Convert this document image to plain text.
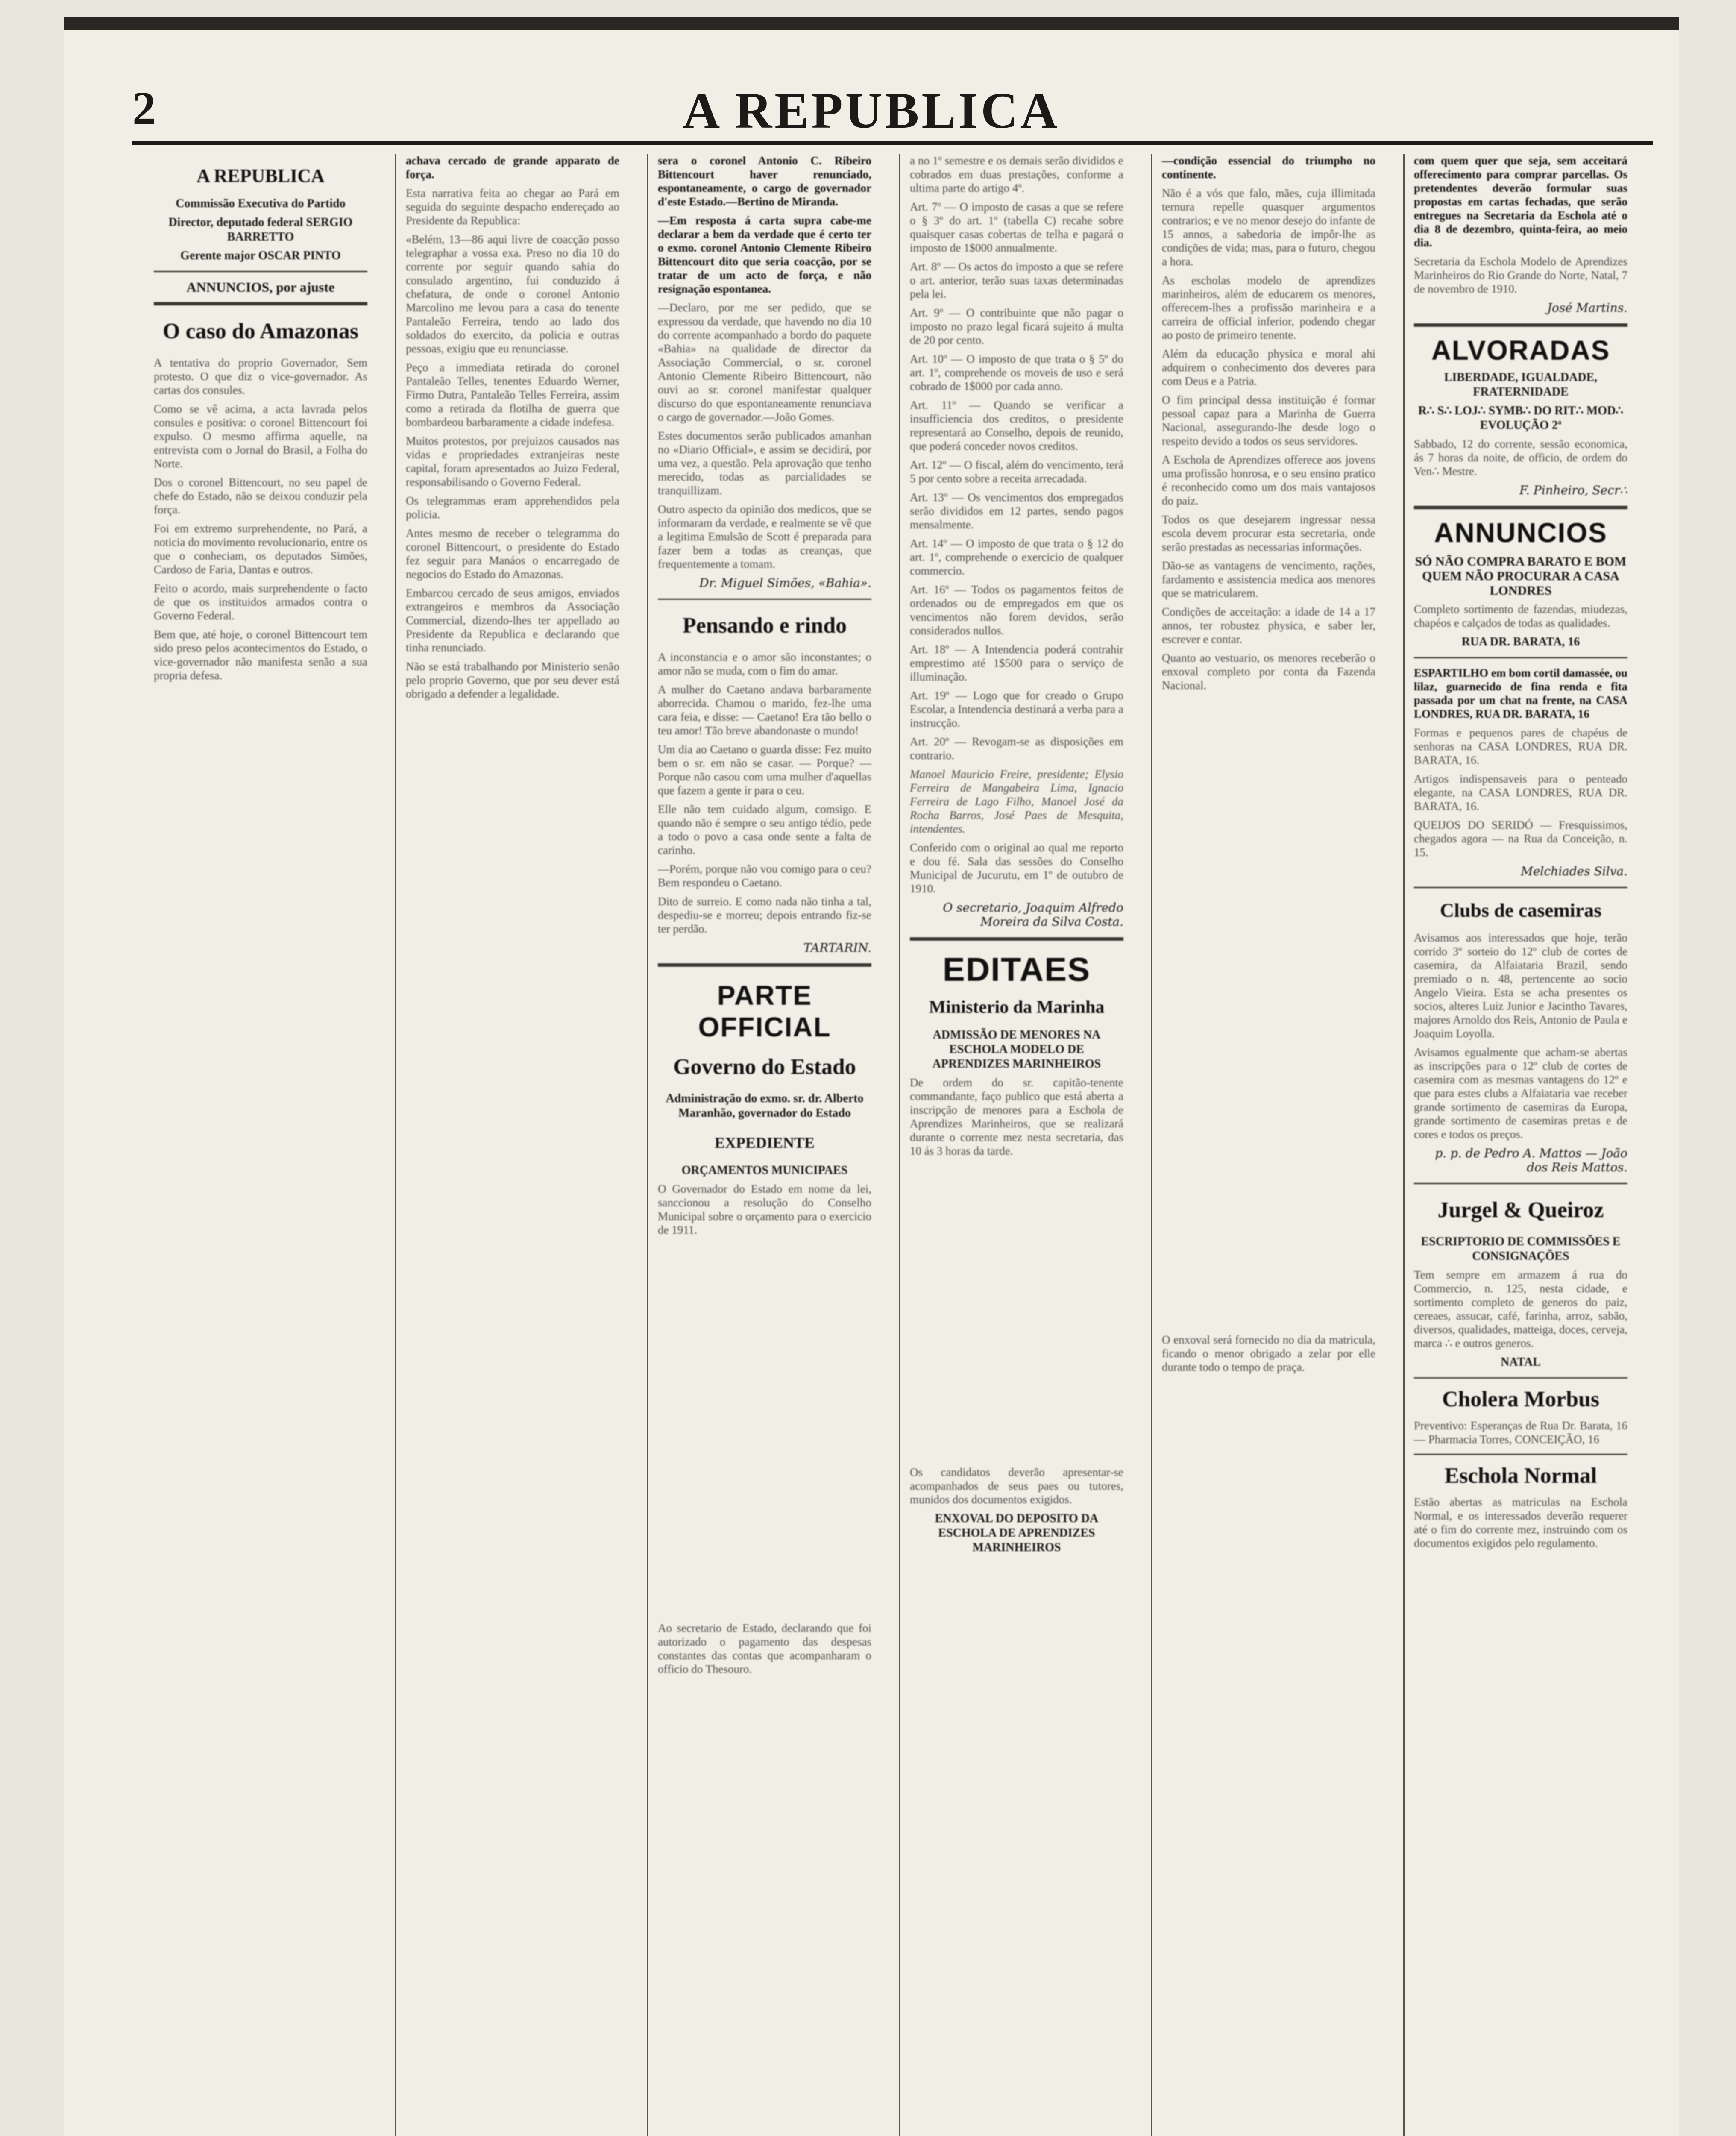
2	A REPUBLICA
A REPUBLICA
Commissão Executiva do Partido
Director, deputado federal SERGIO BARRETTO
Gerente major OSCAR PINTO
ANNUNCIOS, por ajuste
O caso do Amazonas

A tentativa do proprio Governador, Sem protesto. O que diz o vice-governador. As cartas dos consules.

Como se vê acima, a acta lavrada pelos consules e positiva: o coronel Bittencourt foi expulso. O mesmo affirma aquelle, na entrevista com o Jornal do Brasil, a Folha do Norte.

Dos o coronel Bittencourt, no seu papel de chefe do Estado, não se deixou conduzir pela força.

Foi em extremo surprehendente, no Pará, a noticia do movimento revolucionario, entre os que o conheciam, os deputados Simões, Cardoso de Faria, Dantas e outros.

Feito o acordo, mais surprehendente o facto de que os instituidos armados contra o Governo Federal.

Bem que, até hoje, o coronel Bittencourt tem sido preso pelos acontecimentos do Estado, o vice-governador não manifesta senão a sua propria defesa.

achava cercado de grande apparato de força.

Esta narrativa feita ao chegar ao Pará em seguida do seguinte despacho endereçado ao Presidente da Republica:

«Belém, 13—86 aqui livre de coacção posso telegraphar a vossa exa. Preso no dia 10 do corrente por seguir quando sahia do consulado argentino, fui conduzido á chefatura, de onde o coronel Antonio Marcolino me levou para a casa do tenente Pantaleão Ferreira, tendo ao lado dos soldados do exercito, da policia e outras pessoas, exigiu que eu renunciasse.

Peço a immediata retirada do coronel Pantaleão Telles, tenentes Eduardo Werner, Firmo Dutra, Pantaleão Telles Ferreira, assim como a retirada da flotilha de guerra que bombardeou barbaramente a cidade indefesa.

Muitos protestos, por prejuizos causados nas vidas e propriedades extranjeiras neste capital, foram apresentados ao Juizo Federal, responsabilisando o Governo Federal.

Os telegrammas eram apprehendidos pela policia.

Antes mesmo de receber o telegramma do coronel Bittencourt, o presidente do Estado fez seguir para Manáos o encarregado de negocios do Estado do Amazonas.

Embarcou cercado de seus amigos, enviados extrangeiros e membros da Associação Commercial, dizendo-lhes ter appellado ao Presidente da Republica e declarando que tinha renunciado.

Não se está trabalhando por Ministerio senão pelo proprio Governo, que por seu dever está obrigado a defender a legalidade.

sera o coronel Antonio C. Ribeiro Bittencourt haver renunciado, espontaneamente, o cargo de governador d'este Estado.—Bertino de Miranda.

—Em resposta á carta supra cabe-me declarar a bem da verdade que é certo ter o exmo. coronel Antonio Clemente Ribeiro Bittencourt dito que seria coacção, por se tratar de um acto de força, e não resignação espontanea.

—Declaro, por me ser pedido, que se expressou da verdade, que havendo no dia 10 do corrente acompanhado a bordo do paquete «Bahia» na qualidade de director da Associação Commercial, o sr. coronel Antonio Clemente Ribeiro Bittencourt, não ouvi ao sr. coronel manifestar qualquer discurso do que espontaneamente renunciava o cargo de governador.—João Gomes.

Estes documentos serão publicados amanhan no «Diario Official», e assim se decidirá, por uma vez, a questão. Pela aprovação que tenho merecido, todas as parcialidades se tranquillizam.

Outro aspecto da opinião dos medicos, que se informaram da verdade, e realmente se vê que a legitima Emulsão de Scott é preparada para fazer bem a todas as creanças, que frequentemente a tomam.

Dr. Miguel Simões, «Bahia».
Pensando e rindo

A inconstancia e o amor são inconstantes; o amor não se muda, com o fim do amar.

A mulher do Caetano andava barbaramente aborrecida. Chamou o marido, fez-lhe uma cara feia, e disse: — Caetano! Era tão bello o teu amor! Tão breve abandonaste o mundo!

Um dia ao Caetano o guarda disse: Fez muito bem o sr. em não se casar. — Porque? — Porque não casou com uma mulher d'aquellas que fazem a gente ir para o ceu.

Elle não tem cuidado algum, comsigo. E quando não é sempre o seu antigo tédio, pede a todo o povo a casa onde sente a falta de carinho.

—Porém, porque não vou comigo para o ceu? Bem respondeu o Caetano.

Dito de surreio. E como nada não tinha a tal, despediu-se e morreu; depois entrando fiz-se ter perdão.

TARTARIN.
PARTE OFFICIAL
Governo do Estado
Administração do exmo. sr. dr. Alberto Maranhão, governador do Estado
EXPEDIENTE
ORÇAMENTOS MUNICIPAES

O Governador do Estado em nome da lei, sanccionou a resolução do Conselho Municipal sobre o orçamento para o exercicio de 1911.

Ao secretario de Estado, declarando que foi autorizado o pagamento das despesas constantes das contas que acompanharam o officio do Thesouro.

a no 1º semestre e os demais serão divididos e cobrados em duas prestações, conforme a ultima parte do artigo 4º.

Art. 7º — O imposto de casas a que se refere o § 3º do art. 1º (tabella C) recahe sobre quaisquer casas cobertas de telha e pagará o imposto de 1$000 annualmente.

Art. 8º — Os actos do imposto a que se refere o art. anterior, terão suas taxas determinadas pela lei.

Art. 9º — O contribuinte que não pagar o imposto no prazo legal ficará sujeito á multa de 20 por cento.

Art. 10º — O imposto de que trata o § 5º do art. 1º, comprehende os moveis de uso e será cobrado de 1$000 por cada anno.

Art. 11º — Quando se verificar a insufficiencia dos creditos, o presidente representará ao Conselho, depois de reunido, que poderá conceder novos creditos.

Art. 12º — O fiscal, além do vencimento, terá 5 por cento sobre a receita arrecadada.

Art. 13º — Os vencimentos dos empregados serão divididos em 12 partes, sendo pagos mensalmente.

Art. 14º — O imposto de que trata o § 12 do art. 1º, comprehende o exercicio de qualquer commercio.

Art. 16º — Todos os pagamentos feitos de ordenados ou de empregados em que os vencimentos não forem devidos, serão considerados nullos.

Art. 18º — A Intendencia poderá contrahir emprestimo até 1$500 para o serviço de illuminação.

Art. 19º — Logo que for creado o Grupo Escolar, a Intendencia destinará a verba para a instrucção.

Art. 20º — Revogam-se as disposições em contrario.

Manoel Mauricio Freire, presidente; Elysio Ferreira de Mangabeira Lima, Ignacio Ferreira de Lago Filho, Manoel José da Rocha Barros, José Paes de Mesquita, intendentes.

Conferido com o original ao qual me reporto e dou fé. Sala das sessões do Conselho Municipal de Jucurutu, em 1º de outubro de 1910.

O secretario, Joaquim Alfredo Moreira da Silva Costa.
EDITAES
Ministerio da Marinha
ADMISSÃO DE MENORES NA ESCHOLA MODELO DE APRENDIZES MARINHEIROS

De ordem do sr. capitão-tenente commandante, faço publico que está aberta a inscripção de menores para a Eschola de Aprendizes Marinheiros, que se realizará durante o corrente mez nesta secretaria, das 10 ás 3 horas da tarde.

Os candidatos deverão apresentar-se acompanhados de seus paes ou tutores, munidos dos documentos exigidos.

ENXOVAL DO DEPOSITO DA ESCHOLA DE APRENDIZES MARINHEIROS

—condição essencial do triumpho no continente.

Não é a vós que falo, mães, cuja illimitada ternura repelle quasquer argumentos contrarios; e ve no menor desejo do infante de 15 annos, a sabedoria de impôr-lhe as condições de vida; mas, para o futuro, chegou a hora.

As escholas modelo de aprendizes marinheiros, além de educarem os menores, offerecem-lhes a profissão marinheira e a carreira de official inferior, podendo chegar ao posto de primeiro tenente.

Além da educação physica e moral ahi adquirem o conhecimento dos deveres para com Deus e a Patria.

O fim principal dessa instituição é formar pessoal capaz para a Marinha de Guerra Nacional, assegurando-lhe desde logo o respeito devido a todos os seus servidores.

A Eschola de Aprendizes offerece aos jovens uma profissão honrosa, e o seu ensino pratico é reconhecido como um dos mais vantajosos do paiz.

Todos os que desejarem ingressar nessa escola devem procurar esta secretaria, onde serão prestadas as necessarias informações.

Dão-se as vantagens de vencimento, rações, fardamento e assistencia medica aos menores que se matricularem.

Condições de acceitação: a idade de 14 a 17 annos, ter robustez physica, e saber ler, escrever e contar.

Quanto ao vestuario, os menores receberão o enxoval completo por conta da Fazenda Nacional.

O enxoval será fornecido no dia da matricula, ficando o menor obrigado a zelar por elle durante todo o tempo de praça.

com quem quer que seja, sem acceitará offerecimento para comprar parcellas. Os pretendentes deverão formular suas propostas em cartas fechadas, que serão entregues na Secretaria da Eschola até o dia 8 de dezembro, quinta-feira, ao meio dia.

Secretaria da Eschola Modelo de Aprendizes Marinheiros do Rio Grande do Norte, Natal, 7 de novembro de 1910.

José Martins.
ALVORADAS
LIBERDADE, IGUALDADE, FRATERNIDADE
R∴ S∴ LOJ∴ SYMB∴ DO RIT∴ MOD∴ EVOLUÇÃO 2ª

Sabbado, 12 do corrente, sessão economica, ás 7 horas da noite, de officio, de ordem do Ven∴ Mestre.

F. Pinheiro, Secr∴
ANNUNCIOS
SÓ NÃO COMPRA BARATO E BOM QUEM NÃO PROCURAR A CASA LONDRES

Completo sortimento de fazendas, miudezas, chapéos e calçados de todas as qualidades.

RUA DR. BARATA, 16

ESPARTILHO em bom cortil damassée, ou lilaz, guarnecido de fina renda e fita passada por um chat na frente, na CASA LONDRES, RUA DR. BARATA, 16

Formas e pequenos pares de chapéus de senhoras na CASA LONDRES, RUA DR. BARATA, 16.

Artigos indispensaveis para o penteado elegante, na CASA LONDRES, RUA DR. BARATA, 16.

QUEIJOS DO SERIDÓ — Fresquissimos, chegados agora — na Rua da Conceição, n. 15.

Melchiades Silva.
Clubs de casemiras

Avisamos aos interessados que hoje, terão corrido 3º sorteio do 12º club de cortes de casemira, da Alfaiataria Brazil, sendo premiado o n. 48, pertencente ao socio Angelo Vieira. Esta se acha presentes os socios, alteres Luiz Junior e Jacintho Tavares, majores Arnoldo dos Reis, Antonio de Paula e Joaquim Loyolla.

Avisamos egualmente que acham-se abertas as inscripções para o 12º club de cortes de casemira com as mesmas vantagens do 12º e que para estes clubs a Alfaiataria vae receber grande sortimento de casemiras da Europa, grande sortimento de casemiras pretas e de cores e todos os preços.

p. p. de Pedro A. Mattos — João dos Reis Mattos.
Jurgel & Queiroz
ESCRIPTORIO DE COMMISSÕES E CONSIGNAÇÕES

Tem sempre em armazem á rua do Commercio, n. 125, nesta cidade, e sortimento completo de generos do paiz, cereaes, assucar, café, farinha, arroz, sabão, diversos, qualidades, matteiga, doces, cerveja, marca ∴ e outros generos.

NATAL
Cholera Morbus

Preventivo: Esperanças de Rua Dr. Barata, 16 — Pharmacia Torres, CONCEIÇÃO, 16

Eschola Normal

Estão abertas as matriculas na Eschola Normal, e os interessados deverão requerer até o fim do corrente mez, instruindo com os documentos exigidos pelo regulamento.
